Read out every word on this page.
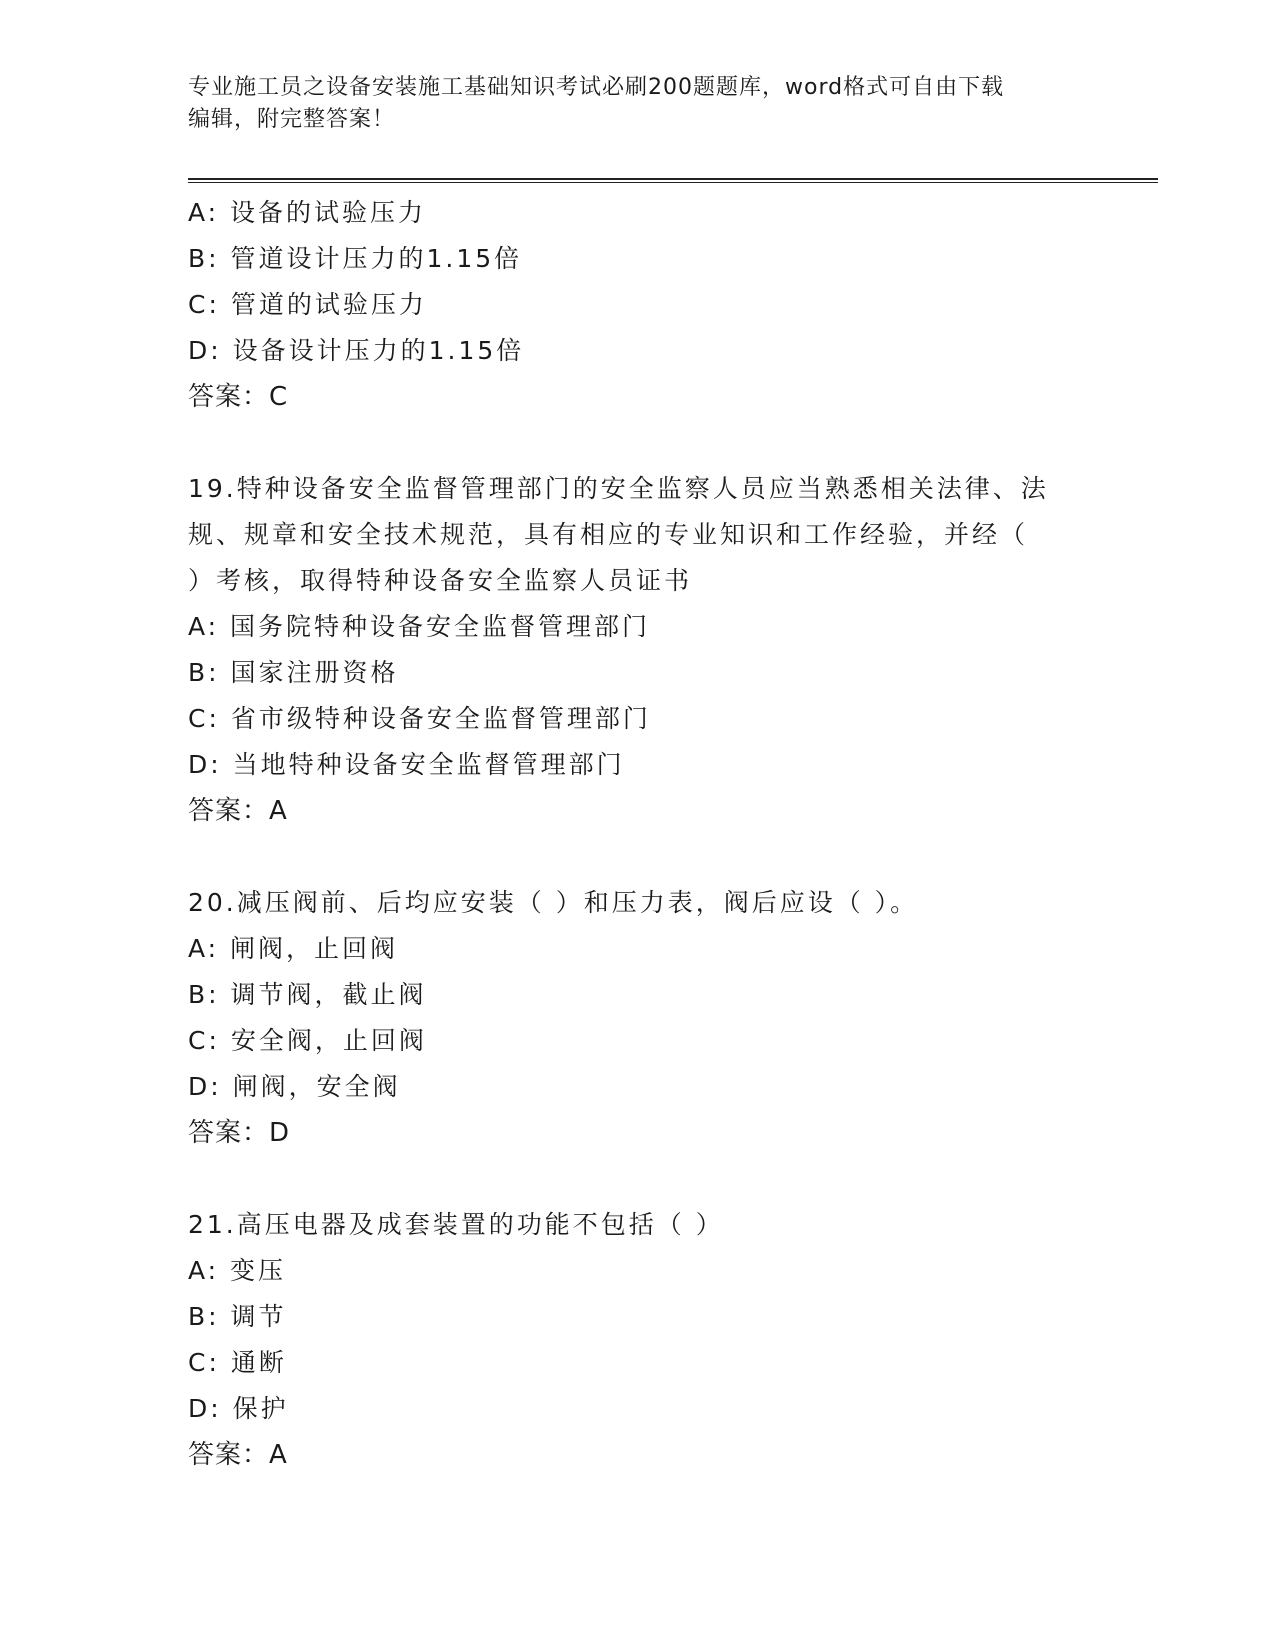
专业施工员之设备安装施工基础知识考试必刷200题题库，word格式可自由下载
编辑，附完整答案！
A: 设备的试验压力
B: 管道设计压力的1.15倍
C: 管道的试验压力
D: 设备设计压力的1.15倍
答案：C
19.特种设备安全监督管理部门的安全监察人员应当熟悉相关法律、法
规、规章和安全技术规范，具有相应的专业知识和工作经验，并经（
）考核，取得特种设备安全监察人员证书
A: 国务院特种设备安全监督管理部门
B: 国家注册资格
C: 省市级特种设备安全监督管理部门
D: 当地特种设备安全监督管理部门
答案：A
20.减压阀前、后均应安装（ ）和压力表，阀后应设（ ）。
A: 闸阀，止回阀
B: 调节阀，截止阀
C: 安全阀，止回阀
D: 闸阀，安全阀
答案：D
21.高压电器及成套装置的功能不包括（ ）
A: 变压
B: 调节
C: 通断
D: 保护
答案：A
